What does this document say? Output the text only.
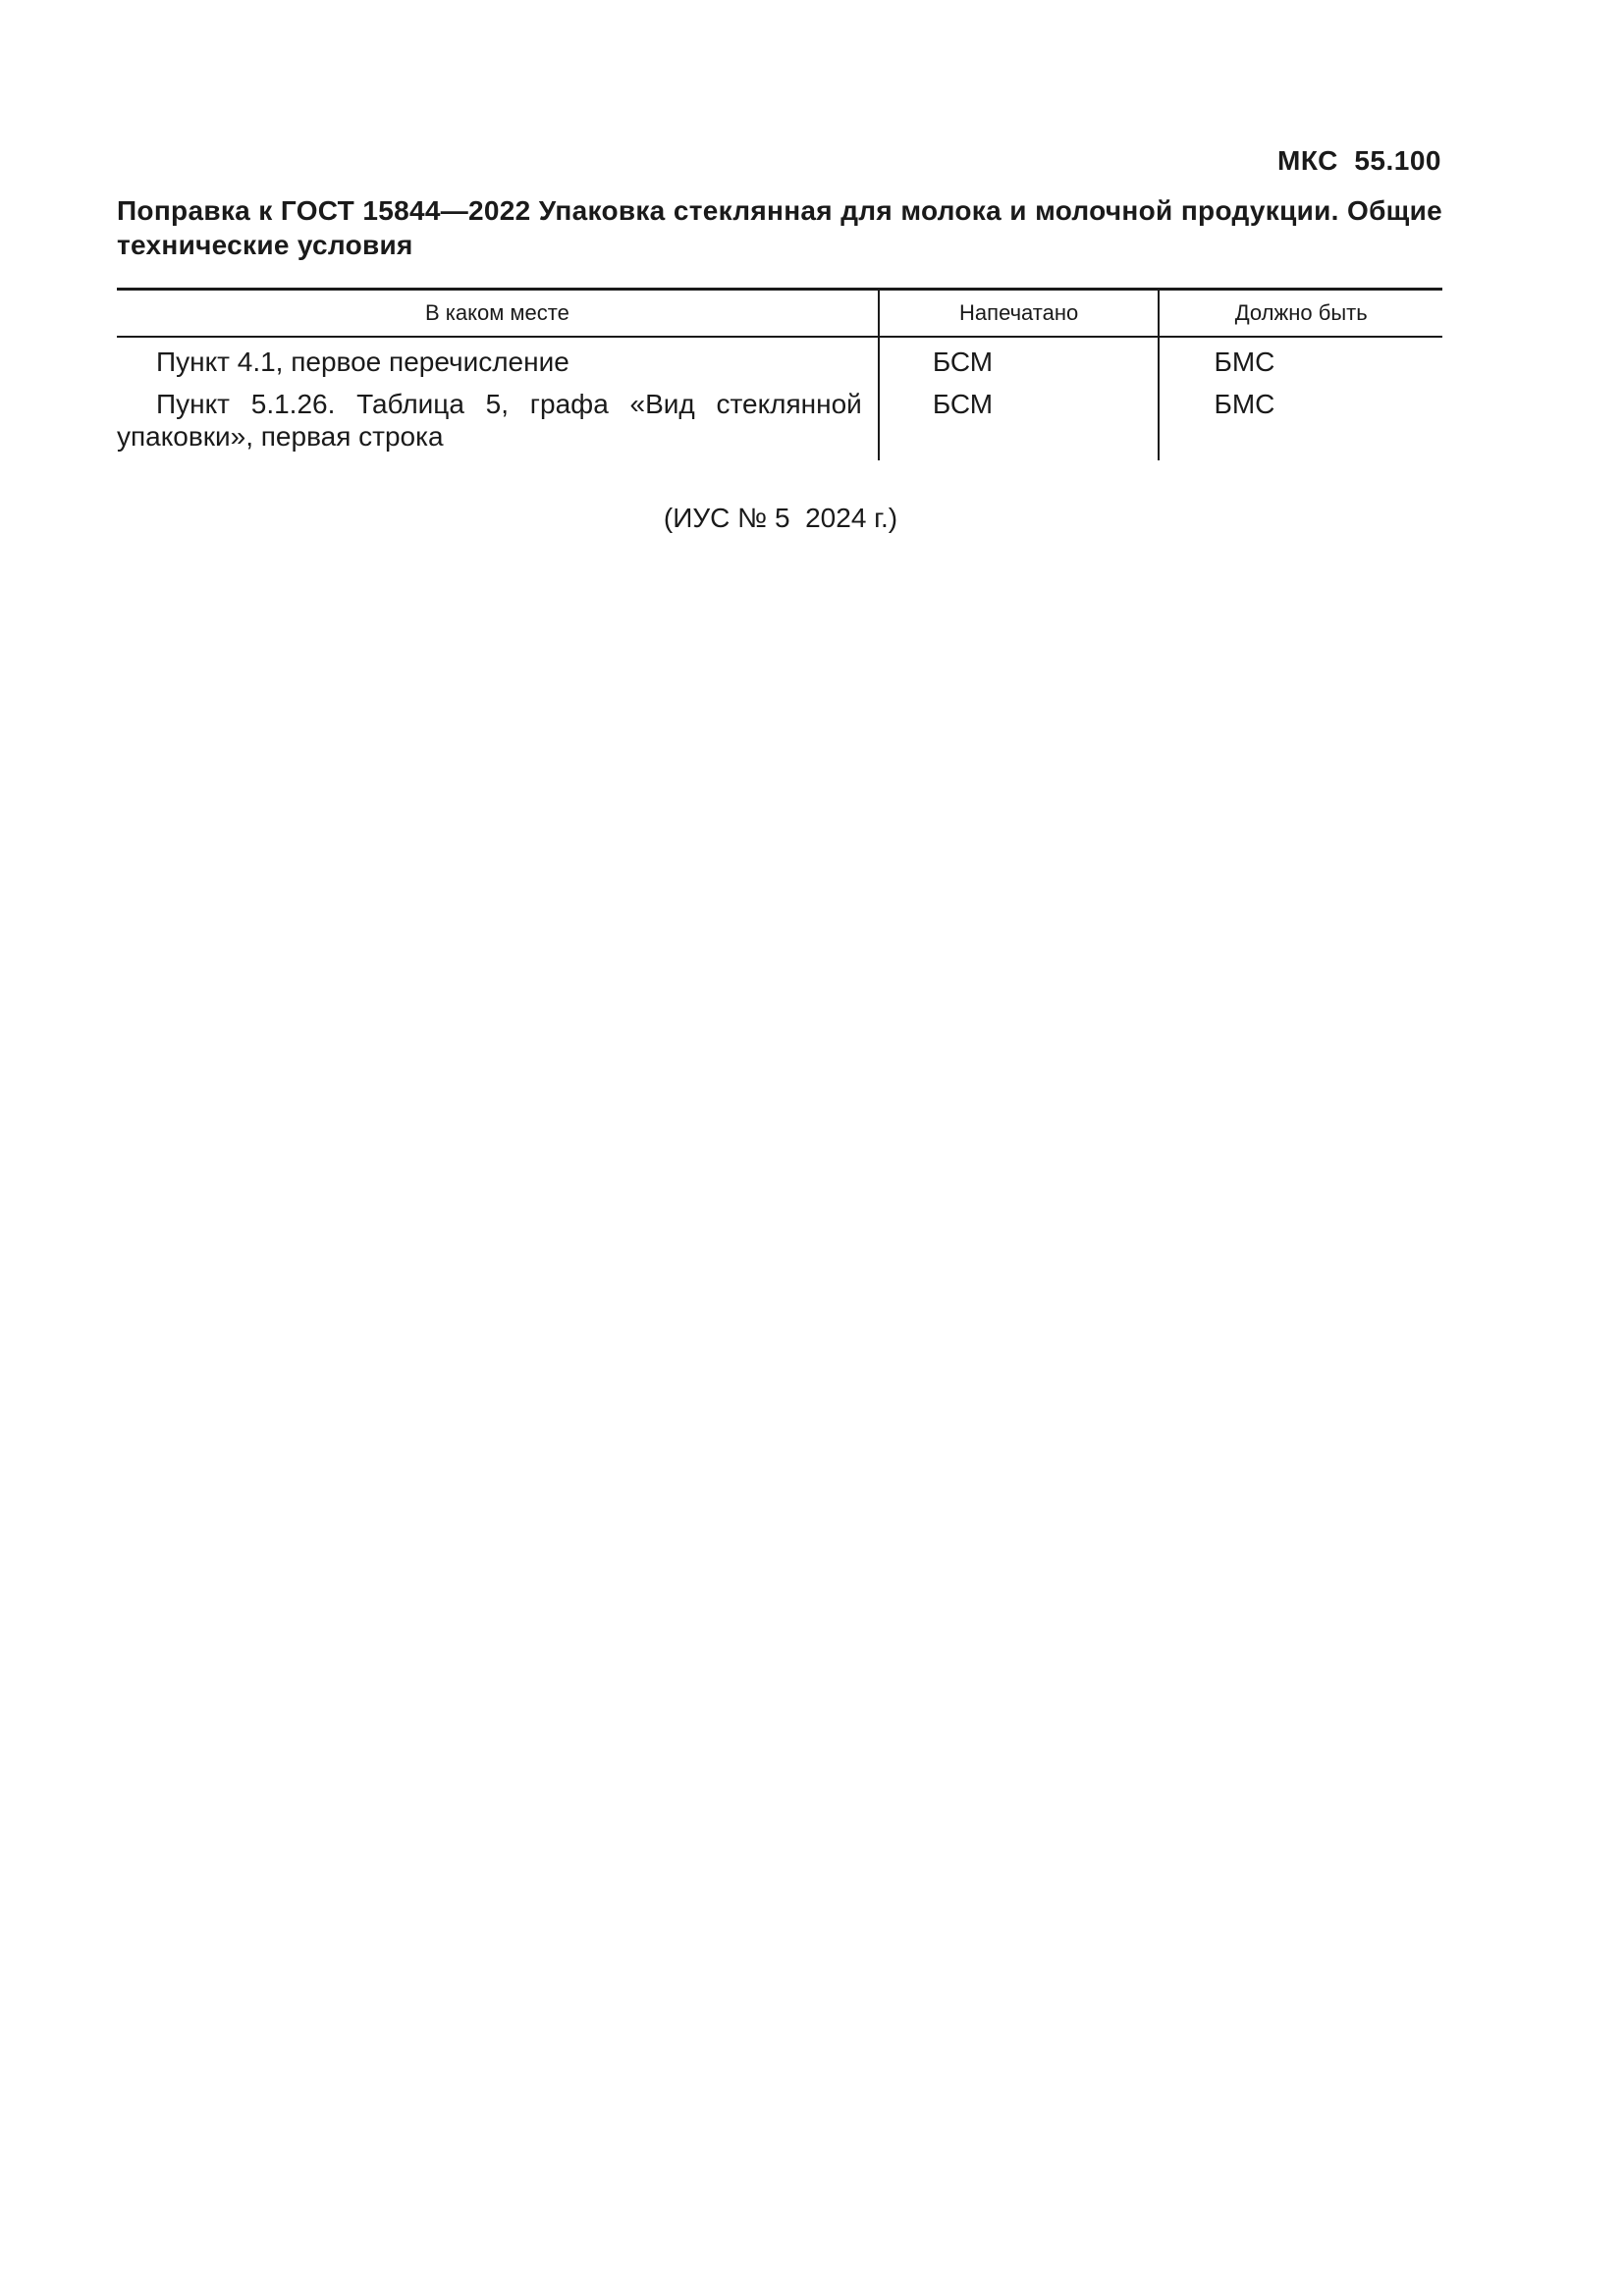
МКС  55.100
Поправка к ГОСТ 15844—2022 Упаковка стеклянная для молока и молочной продукции. Общие технические условия
В каком месте	Напечатано	Должно быть
Пункт 4.1, первое перечисление	БСМ	БМС
Пункт 5.1.26. Таблица 5, графа «Вид стеклянной упаковки», первая строка	БСМ	БМС
(ИУС № 5  2024 г.)
